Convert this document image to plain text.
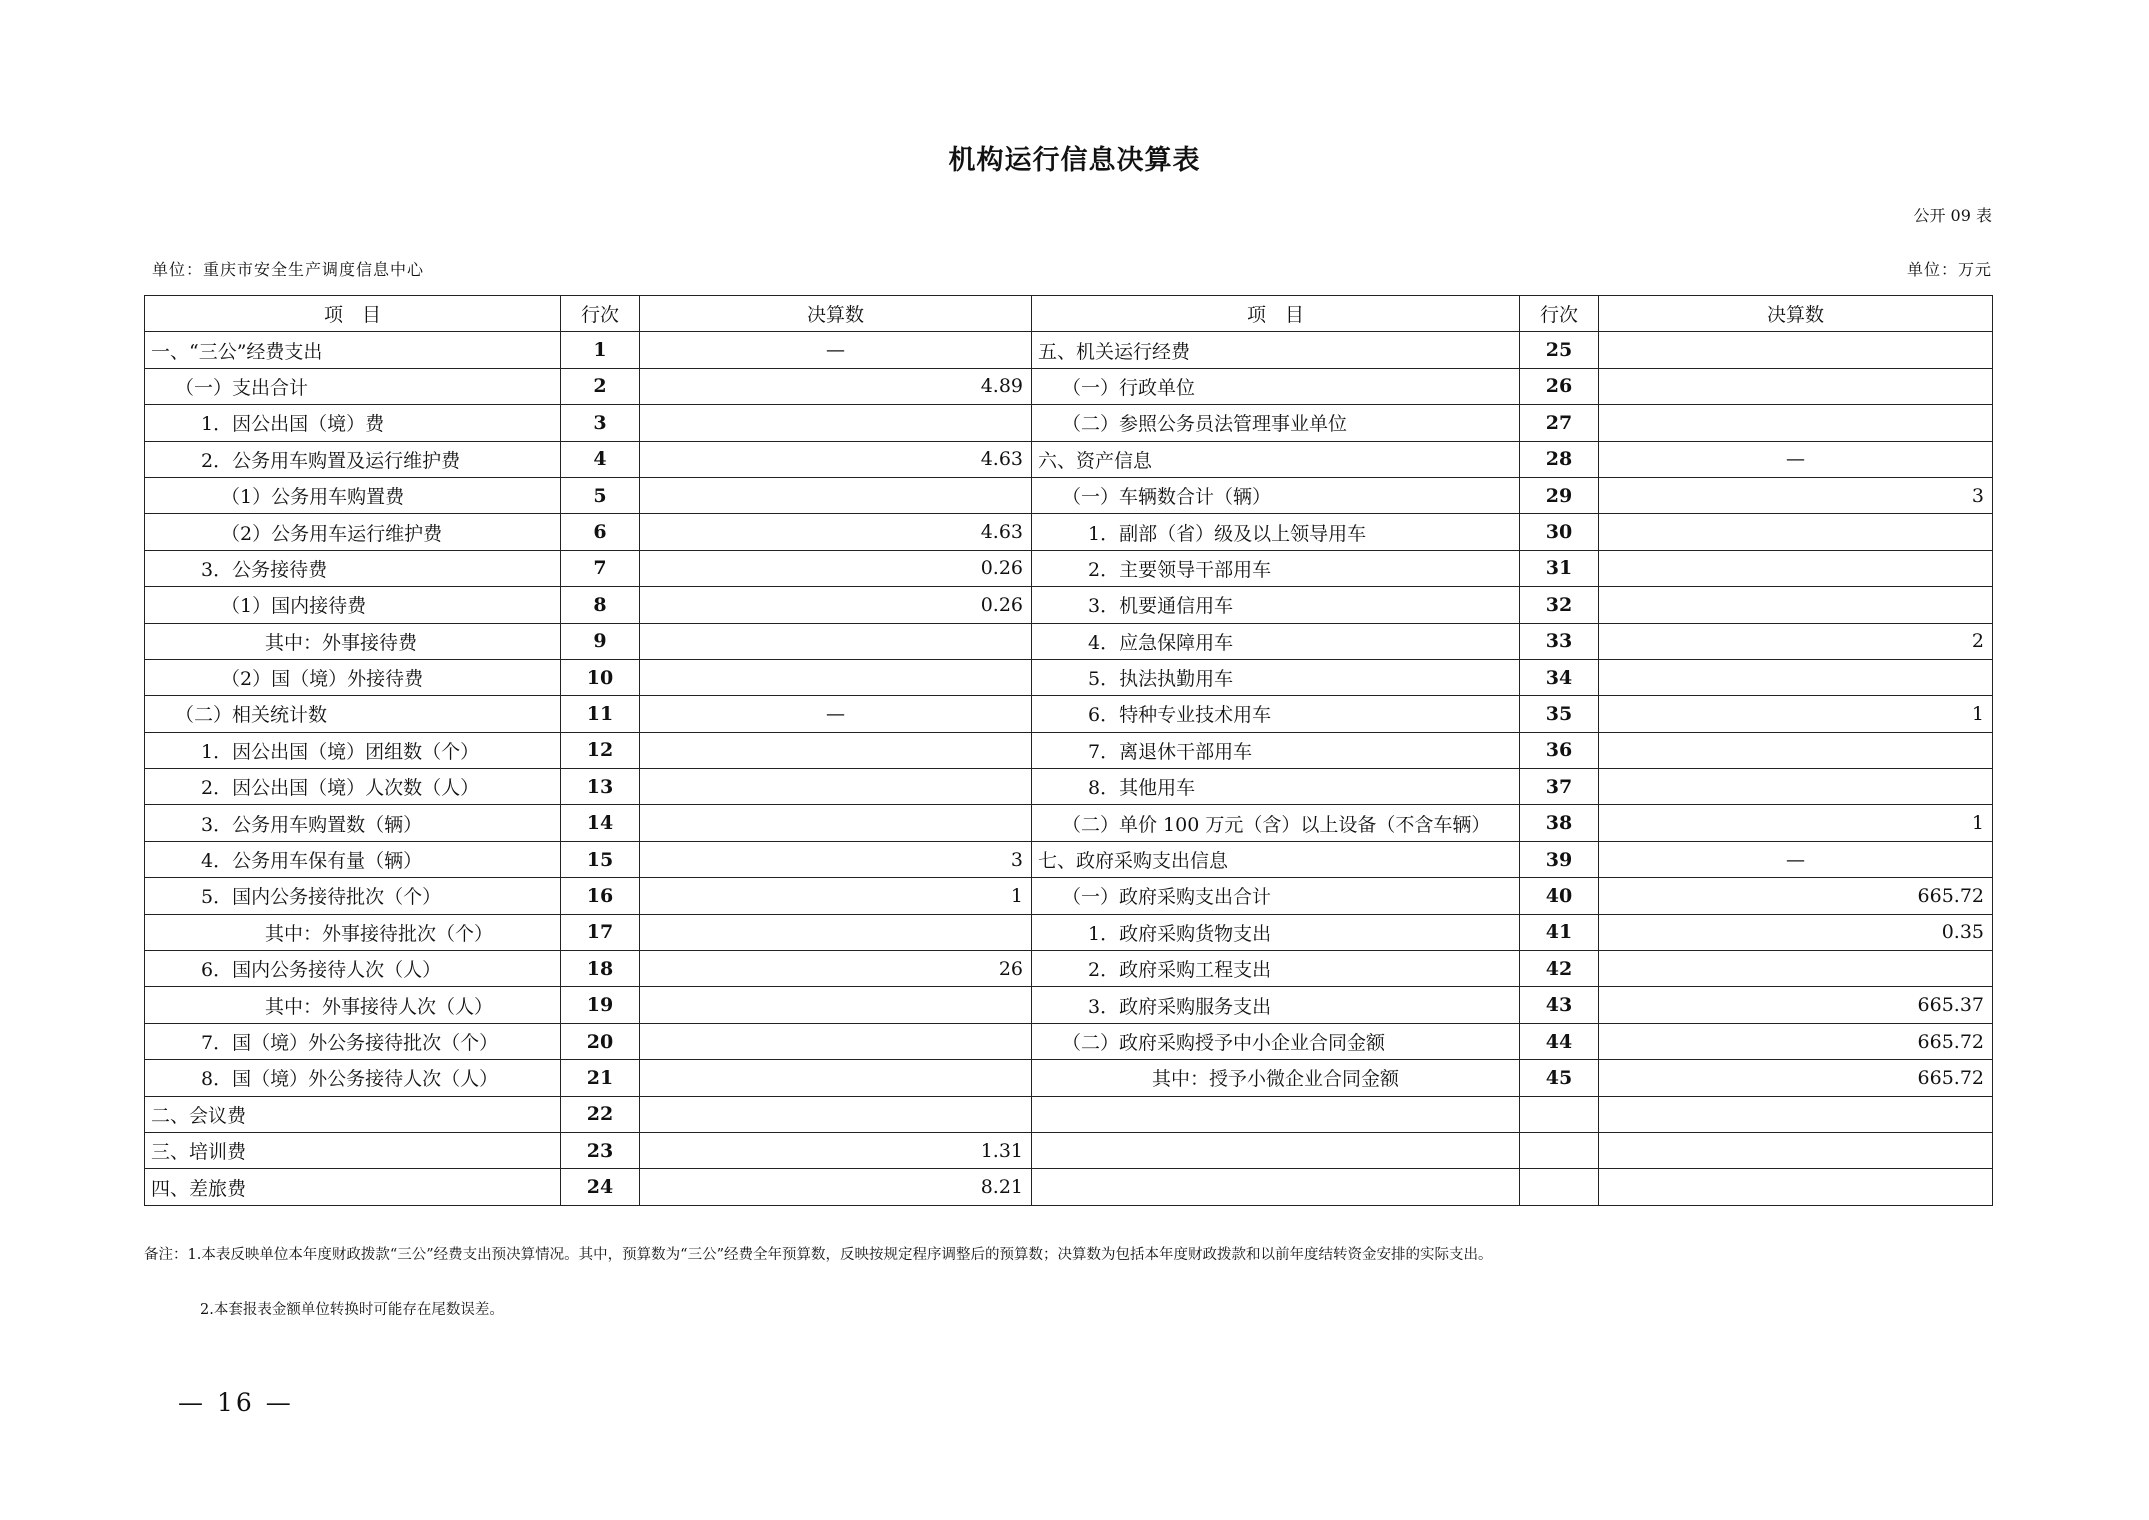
机构运行信息决算表
公开 09 表
单位：重庆市安全生产调度信息中心	单位：万元
项　目	行次	决算数	项　目	行次	决算数
一、“三公”经费支出	1	—	五、机关运行经费	25	
（一）支出合计	2	4.89	（一）行政单位	26	
1．因公出国（境）费	3		（二）参照公务员法管理事业单位	27	
2．公务用车购置及运行维护费	4	4.63	六、资产信息	28	—
（1）公务用车购置费	5		（一）车辆数合计（辆）	29	3
（2）公务用车运行维护费	6	4.63	1．副部（省）级及以上领导用车	30	
3．公务接待费	7	0.26	2．主要领导干部用车	31	
（1）国内接待费	8	0.26	3．机要通信用车	32	
其中：外事接待费	9		4．应急保障用车	33	2
（2）国（境）外接待费	10		5．执法执勤用车	34	
（二）相关统计数	11	—	6．特种专业技术用车	35	1
1．因公出国（境）团组数（个）	12		7．离退休干部用车	36	
2．因公出国（境）人次数（人）	13		8．其他用车	37	
3．公务用车购置数（辆）	14		（二）单价 100 万元（含）以上设备（不含车辆）	38	1
4．公务用车保有量（辆）	15	3	七、政府采购支出信息	39	—
5．国内公务接待批次（个）	16	1	（一）政府采购支出合计	40	665.72
其中：外事接待批次（个）	17		1．政府采购货物支出	41	0.35
6．国内公务接待人次（人）	18	26	2．政府采购工程支出	42	
其中：外事接待人次（人）	19		3．政府采购服务支出	43	665.37
7．国（境）外公务接待批次（个）	20		（二）政府采购授予中小企业合同金额	44	665.72
8．国（境）外公务接待人次（人）	21		其中：授予小微企业合同金额	45	665.72
二、会议费	22				
三、培训费	23	1.31			
四、差旅费	24	8.21			
备注：1.本表反映单位本年度财政拨款“三公”经费支出预决算情况。其中，预算数为“三公”经费全年预算数，反映按规定程序调整后的预算数；决算数为包括本年度财政拨款和以前年度结转资金安排的实际支出。
2.本套报表金额单位转换时可能存在尾数误差。
— 16 —
